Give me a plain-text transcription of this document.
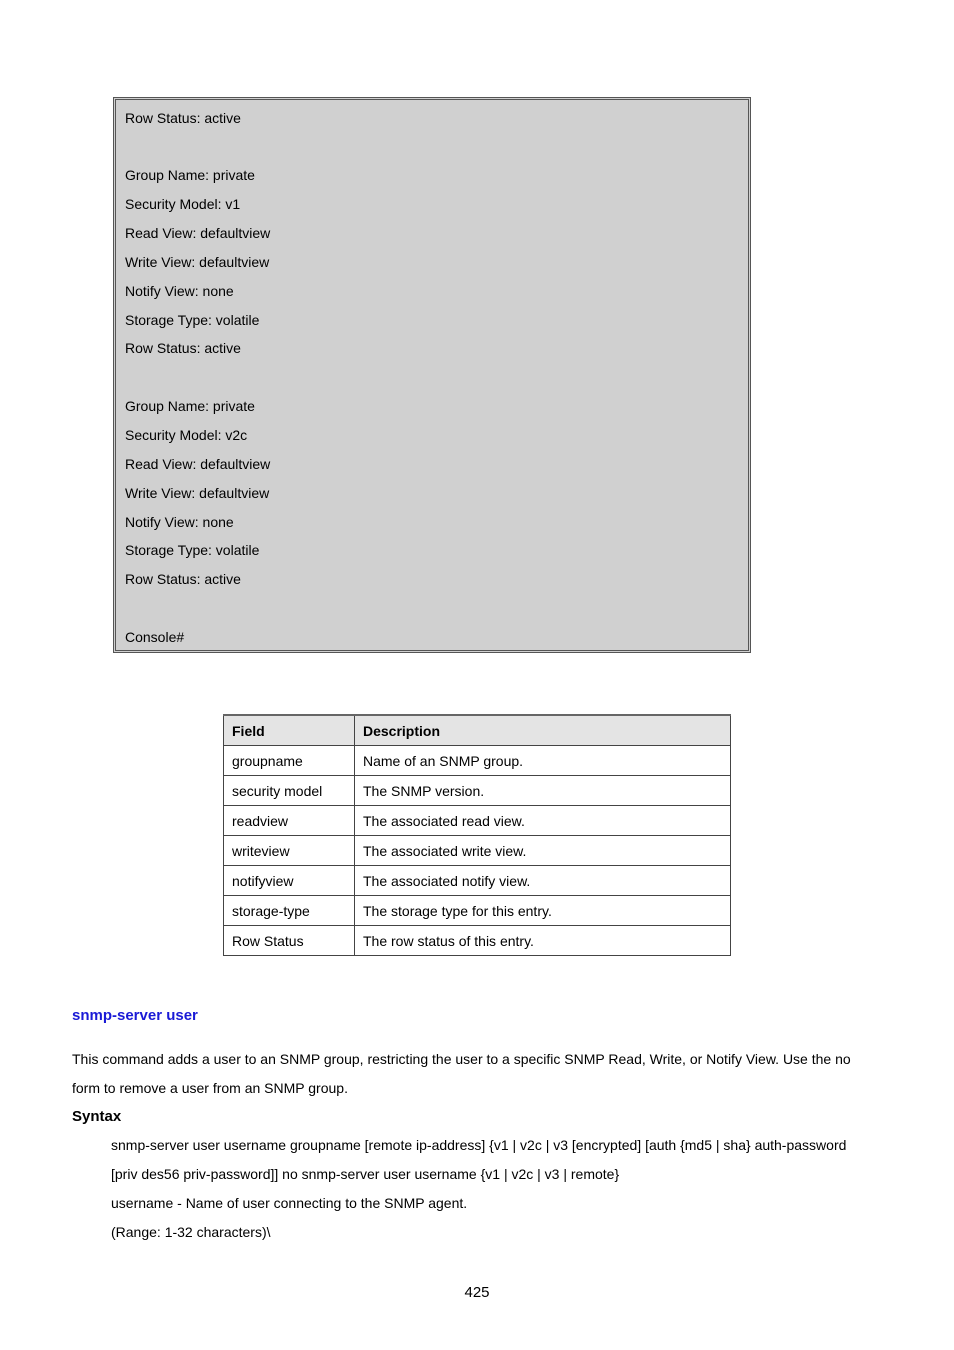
Row Status: active
Group Name: private
Security Model: v1
Read View: defaultview
Write View: defaultview
Notify View: none
Storage Type: volatile
Row Status: active
Group Name: private
Security Model: v2c
Read View: defaultview
Write View: defaultview
Notify View: none
Storage Type: volatile
Row Status: active
Console#
Field	Description
groupname	Name of an SNMP group.
security model	The SNMP version.
readview	The associated read view.
writeview	The associated write view.
notifyview	The associated notify view.
storage-type	The storage type for this entry.
Row Status	The row status of this entry.
snmp-server user
This command adds a user to an SNMP group, restricting the user to a specific SNMP Read, Write, or Notify View. Use the no
form to remove a user from an SNMP group.
Syntax
snmp-server user username groupname [remote ip-address] {v1 | v2c | v3 [encrypted] [auth {md5 | sha} auth-password
[priv des56 priv-password]] no snmp-server user username {v1 | v2c | v3 | remote}
username - Name of user connecting to the SNMP agent.
(Range: 1-32 characters)\
425
